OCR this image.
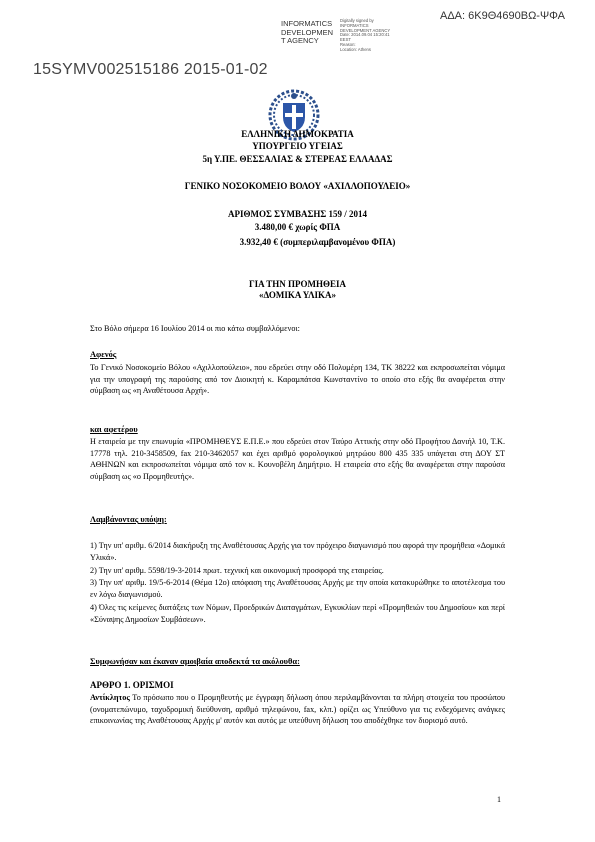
INFORMATICS
DEVELOPMEN
T AGENCY
Digitally signed by
INFORMATICS
DEVELOPMENT AGENCY
Date: 2014.09.04 15:20:41
EEST
Reason:
Location: Athens
ΑΔΑ: 6Κ9Θ4690ΒΩ-ΨΦΑ
15SYMV002515186 2015-01-02
ΕΛΛΗΝΙΚΗ ΔΗΜΟΚΡΑΤΙΑ
ΥΠΟΥΡΓΕΙΟ ΥΓΕΙΑΣ
5η Υ.ΠΕ. ΘΕΣΣΑΛΙΑΣ & ΣΤΕΡΕΑΣ ΕΛΛΑΔΑΣ
ΓΕΝΙΚΟ ΝΟΣΟΚΟΜΕΙΟ ΒΟΛΟΥ «ΑΧΙΛΛΟΠΟΥΛΕΙΟ»
ΑΡΙΘΜΟΣ ΣΥΜΒΑΣΗΣ 159 / 2014
3.480,00 € χωρίς ΦΠΑ
3.932,40 € (συμπεριλαμβανομένου ΦΠΑ)
ΓΙΑ ΤΗΝ ΠΡΟΜΗΘΕΙΑ
«ΔΟΜΙΚΑ ΥΛΙΚΑ»
Στο Βόλο σήμερα 16 Ιουλίου 2014 οι πιο κάτω συμβαλλόμενοι:
Αφενός
Το Γενικό Νοσοκομείο Βόλου «Αχιλλοπούλειο», που εδρεύει στην οδό Πολυμέρη 134, ΤΚ 38222 και εκπροσωπείται νόμιμα για την υπογραφή της παρούσης από τον Διοικητή κ. Καραμπάτσα Κωνσταντίνο το οποίο στο εξής θα αναφέρεται στην σύμβαση ως «η Αναθέτουσα Αρχή».
και αφετέρου
Η εταιρεία με την επωνυμία «ΠΡΟΜΗΘΕΥΣ Ε.Π.Ε.» που εδρεύει στον Ταύρο Αττικής στην οδό Προφήτου Δανιήλ 10, Τ.Κ. 17778 τηλ. 210-3458509, fax 210-3462057 και έχει αριθμό φορολογικού μητρώου 800 435 335 υπάγεται στη ΔΟΥ ΣΤ ΑΘΗΝΩΝ και εκπροσωπείται νόμιμα από τον κ. Κουνοβέλη Δημήτριο. Η εταιρεία στο εξής θα αναφέρεται στην παρούσα σύμβαση ως «ο Προμηθευτής».
Λαμβάνοντας υπόψη:
1) Την υπ' αριθμ. 6/2014 διακήρυξη της Αναθέτουσας Αρχής για τον πρόχειρο διαγωνισμό που αφορά την προμήθεια «Δομικά Υλικά».
2) Την υπ' αριθμ. 5598/19-3-2014 πρωτ. τεχνική και οικονομική προσφορά της εταιρείας.
3) Την υπ' αριθμ. 19/5-6-2014 (Θέμα 12ο) απόφαση της Αναθέτουσας Αρχής με την οποία κατακυρώθηκε το αποτέλεσμα του εν λόγω διαγωνισμού.
4) Όλες τις κείμενες διατάξεις των Νόμων, Προεδρικών Διαταγμάτων, Εγκυκλίων περί «Προμηθειών του Δημοσίου» και περί «Σύναψης Δημοσίων Συμβάσεων».
Συμφωνήσαν και έκαναν αμοιβαία αποδεκτά τα ακόλουθα:
ΑΡΘΡΟ 1. ΟΡΙΣΜΟΙ
Αντίκλητος Το πρόσωπο που ο Προμηθευτής με έγγραφη δήλωση όπου περιλαμβάνονται τα πλήρη στοιχεία του προσώπου (ονοματεπώνυμο, ταχυδρομική διεύθυνση, αριθμό τηλεφώνου, fax, κλπ.) ορίζει ως Υπεύθυνο για τις ενδεχόμενες ανάγκες επικοινωνίας της Αναθέτουσας Αρχής μ' αυτόν και αυτός με υπεύθυνη δήλωση του αποδέχθηκε τον διορισμό αυτό.
1
